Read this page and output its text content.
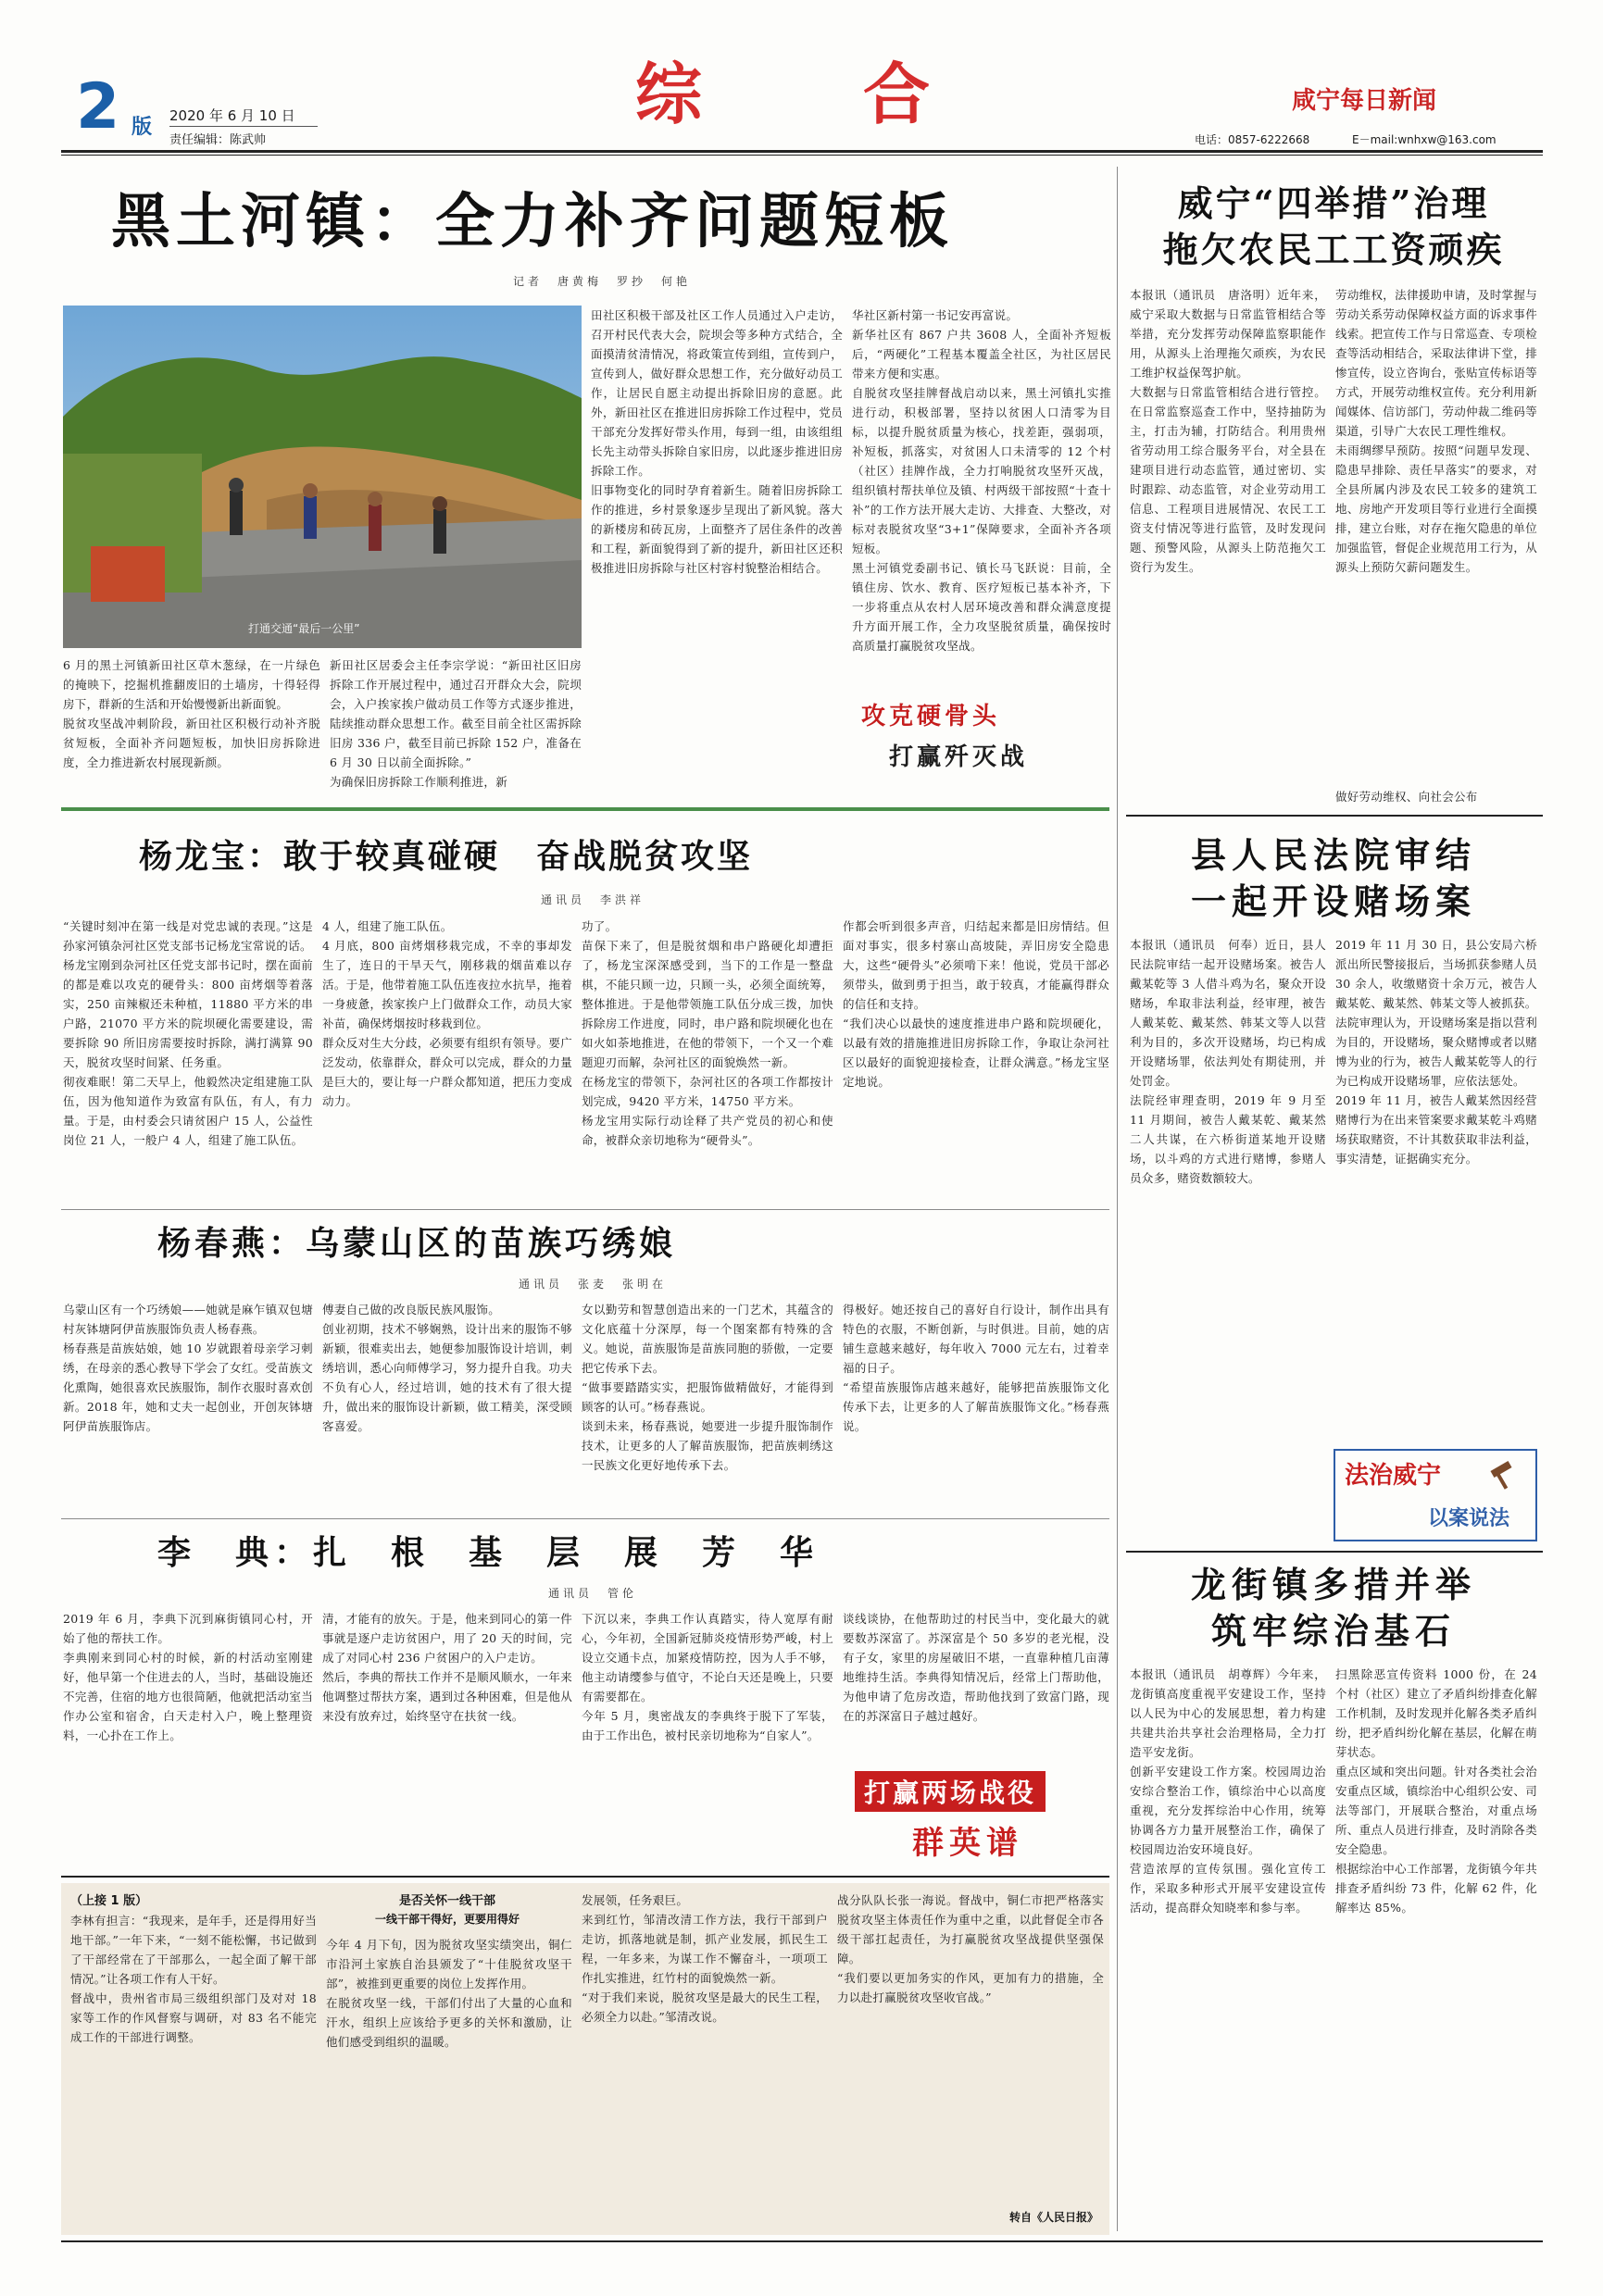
2 版 2020 年 6 月 10 日
责任编辑：陈武帅
综　　合	咸宁每日新闻
电话：0857-6222668	E－mail:wnhxw@163.com
黑土河镇：全力补齐问题短板
记者　唐黄梅　罗抄　何艳
打通交通“最后一公里”
6 月的黑土河镇新田社区草木葱绿，在一片绿色的掩映下，挖掘机推翻废旧的土墙房，十得轻得房下，群新的生活和开始慢慢新出新面貌。
脱贫攻坚战冲刺阶段，新田社区积极行动补齐脱贫短板，全面补齐问题短板，加快旧房拆除进度，全力推进新农村展现新颜。
新田社区居委会主任李宗学说：“新田社区旧房拆除工作开展过程中，通过召开群众大会，院坝会，入户挨家挨户做动员工作等方式逐步推进，陆续推动群众思想工作。截至目前全社区需拆除旧房 336 户，截至目前已拆除 152 户，准备在 6 月 30 日以前全面拆除。”
为确保旧房拆除工作顺利推进，新
田社区积极干部及社区工作人员通过入户走访，召开村民代表大会，院坝会等多种方式结合，全面摸清贫清情况，将政策宣传到组，宣传到户，宣传到人，做好群众思想工作，充分做好动员工作，让居民自愿主动提出拆除旧房的意愿。此外，新田社区在推进旧房拆除工作过程中，党员干部充分发挥好带头作用，每到一组，由该组组长先主动带头拆除自家旧房，以此逐步推进旧房拆除工作。
旧事物变化的同时孕育着新生。随着旧房拆除工作的推进，乡村景象逐步呈现出了新风貌。落大的新楼房和砖瓦房，上面整齐了居住条件的改善和工程，新面貌得到了新的提升，新田社区还积极推进旧房拆除与社区村容村貌整治相结合。
华社区新村第一书记安再富说。
新华社区有 867 户共 3608 人，全面补齐短板后，“两硬化”工程基本覆盖全社区，为社区居民带来方便和实惠。
自脱贫攻坚挂牌督战启动以来，黑土河镇扎实推进行动，积极部署，坚持以贫困人口清零为目标，以提升脱贫质量为核心，找差距，强弱项，补短板，抓落实，对贫困人口未清零的 12 个村（社区）挂牌作战，全力打响脱贫攻坚歼灭战，组织镇村帮扶单位及镇、村两级干部按照“十查十补”的工作方法开展大走访、大排查、大整改，对标对表脱贫攻坚“3+1”保障要求，全面补齐各项短板。
黑土河镇党委副书记、镇长马飞跃说：目前，全镇住房、饮水、教育、医疗短板已基本补齐，下一步将重点从农村人居环境改善和群众满意度提升方面开展工作，全力攻坚脱贫质量，确保按时高质量打赢脱贫攻坚战。
攻克硬骨头
打赢歼灭战
威宁“四举措”治理
拖欠农民工工资顽疾
本报讯（通讯员　唐洛明）近年来，威宁采取大数据与日常监管相结合等举措，充分发挥劳动保障监察职能作用，从源头上治理拖欠顽疾，为农民工维护权益保驾护航。
大数据与日常监管相结合进行管控。在日常监察巡查工作中，坚持抽防为主，打击为辅，打防结合。利用贵州省劳动用工综合服务平台，对全县在建项目进行动态监管，通过密切、实时跟踪、动态监管，对企业劳动用工信息、工程项目进展情况、农民工工资支付情况等进行监管，及时发现问题、预警风险，从源头上防范拖欠工资行为发生。
劳动维权，法律援助申请，及时掌握与劳动关系劳动保障权益方面的诉求事件线索。把宣传工作与日常巡查、专项检查等活动相结合，采取法律讲下堂，排惨宣传，设立咨询台，张贴宣传标语等方式，开展劳动维权宣传。充分利用新闻媒体、信访部门，劳动仲裁二维码等渠道，引导广大农民工理性维权。
未雨绸缪早预防。按照“问题早发现、隐患早排除、责任早落实”的要求，对全县所属内涉及农民工较多的建筑工地、房地产开发项目等行业进行全面摸排，建立台账，对存在拖欠隐患的单位加强监管，督促企业规范用工行为，从源头上预防欠薪问题发生。
做好劳动维权、向社会公布
杨龙宝：敢于较真碰硬　奋战脱贫攻坚
通讯员　李洪祥
“关键时刻冲在第一线是对党忠诚的表现。”这是孙家河镇杂河社区党支部书记杨龙宝常说的话。
杨龙宝刚到杂河社区任党支部书记时，摆在面前的都是难以攻克的硬骨头：800 亩烤烟等着落实，250 亩辣椒还未种植，11880 平方米的串户路，21070 平方米的院坝硬化需要建设，需要拆除 90 所旧房需要按时拆除，满打满算 90 天，脱贫攻坚时间紧、任务重。
彻夜难眠！第二天早上，他毅然决定组建施工队伍，因为他知道作为致富有队伍，有人，有力量。于是，由村委会只请贫困户 15 人，公益性岗位 21 人，一般户 4 人，组建了施工队伍。
4 人，组建了施工队伍。
4 月底，800 亩烤烟移栽完成，不幸的事却发生了，连日的干旱天气，刚移栽的烟苗难以存活。于是，他带着施工队伍连夜拉水抗旱，拖着一身疲惫，挨家挨户上门做群众工作，动员大家补苗，确保烤烟按时移栽到位。
群众反对生大分歧，必须要有组织有领导。要广泛发动，依靠群众，群众可以完成，群众的力量是巨大的，要让每一户群众都知道，把压力变成动力。
功了。
苗保下来了，但是脱贫烟和串户路硬化却遭拒了，杨龙宝深深感受到，当下的工作是一整盘棋，不能只顾一边，只顾一头，必须全面统筹，整体推进。于是他带领施工队伍分成三拨，加快拆除房工作进度，同时，串户路和院坝硬化也在如火如荼地推进，在他的带领下，一个又一个难题迎刃而解，杂河社区的面貌焕然一新。
在杨龙宝的带领下，杂河社区的各项工作都按计划完成，9420 平方米，14750 平方米。
杨龙宝用实际行动诠释了共产党员的初心和使命，被群众亲切地称为“硬骨头”。
作都会听到很多声音，归结起来都是旧房情结。但面对事实，很多村寨山高坡陡，弄旧房安全隐患大，这些“硬骨头”必须啃下来！他说，党员干部必须带头，做到勇于担当，敢于较真，才能赢得群众的信任和支持。
“我们决心以最快的速度推进串户路和院坝硬化，以最有效的措施推进旧房拆除工作，争取让杂河社区以最好的面貌迎接检查，让群众满意。”杨龙宝坚定地说。
杨春燕：乌蒙山区的苗族巧绣娘
通讯员　张麦　张明在
乌蒙山区有一个巧绣娘——她就是麻乍镇双包塘村灰钵塘阿伊苗族服饰负责人杨春燕。
杨春燕是苗族姑娘，她 10 岁就跟着母亲学习刺绣，在母亲的悉心教导下学会了女红。受苗族文化熏陶，她很喜欢民族服饰，制作衣服时喜欢创新。2018 年，她和丈夫一起创业，开创灰钵塘阿伊苗族服饰店。
傅妻自己做的改良版民族风服饰。
创业初期，技术不够娴熟，设计出来的服饰不够新颖，很难卖出去，她便参加服饰设计培训，刺绣培训，悉心向师傅学习，努力提升自我。功夫不负有心人，经过培训，她的技术有了很大提升，做出来的服饰设计新颖，做工精美，深受顾客喜爱。
女以勤劳和智慧创造出来的一门艺术，其蕴含的文化底蕴十分深厚，每一个图案都有特殊的含义。她说，苗族服饰是苗族同胞的骄傲，一定要把它传承下去。
“做事要踏踏实实，把服饰做精做好，才能得到顾客的认可。”杨春燕说。
谈到未来，杨春燕说，她要进一步提升服饰制作技术，让更多的人了解苗族服饰，把苗族刺绣这一民族文化更好地传承下去。
得极好。她还按自己的喜好自行设计，制作出具有特色的衣服，不断创新，与时俱进。目前，她的店铺生意越来越好，每年收入 7000 元左右，过着幸福的日子。
“希望苗族服饰店越来越好，能够把苗族服饰文化传承下去，让更多的人了解苗族服饰文化。”杨春燕说。
李　典：扎　根　基　层　展　芳　华
通讯员　管伦
2019 年 6 月，李典下沉到麻街镇同心村，开始了他的帮扶工作。
李典刚来到同心村的时候，新的村活动室刚建好，他早第一个住进去的人，当时，基础设施还不完善，住宿的地方也很简陋，他就把活动室当作办公室和宿舍，白天走村入户，晚上整理资料，一心扑在工作上。
清，才能有的放矢。于是，他来到同心的第一件事就是逐户走访贫困户，用了 20 天的时间，完成了对同心村 236 户贫困户的入户走访。
然后，李典的帮扶工作并不是顺风顺水，一年来他调整过帮扶方案，遇到过各种困难，但是他从来没有放弃过，始终坚守在扶贫一线。
下沉以来，李典工作认真踏实，待人宽厚有耐心，今年初，全国新冠肺炎疫情形势严峻，村上设立交通卡点，加紧疫情防控，因为人手不够，他主动请缨参与值守，不论白天还是晚上，只要有需要都在。
今年 5 月，奥密战友的李典终于脱下了军装，由于工作出色，被村民亲切地称为“自家人”。
谈线谈协，在他帮助过的村民当中，变化最大的就要数苏深富了。苏深富是个 50 多岁的老光棍，没有子女，家里的房屋破旧不堪，一直靠种植几亩薄地维持生活。李典得知情况后，经常上门帮助他，为他申请了危房改造，帮助他找到了致富门路，现在的苏深富日子越过越好。
打赢两场战役
群英谱
县人民法院审结
一起开设赌场案
本报讯（通讯员　何奉）近日，县人民法院审结一起开设赌场案。被告人戴某乾等 3 人借斗鸡为名，聚众开设赌场，牟取非法利益，经审理，被告人戴某乾、戴某然、韩某文等人以营利为目的，多次开设赌场，均已构成开设赌场罪，依法判处有期徒刑，并处罚金。
法院经审理查明，2019 年 9 月至 11 月期间，被告人戴某乾、戴某然二人共谋，在六桥街道某地开设赌场，以斗鸡的方式进行赌博，参赌人员众多，赌资数额较大。
2019 年 11 月 30 日，县公安局六桥派出所民警接报后，当场抓获参赌人员 30 余人，收缴赌资十余万元，被告人戴某乾、戴某然、韩某文等人被抓获。
法院审理认为，开设赌场案是指以营利为目的，开设赌场，聚众赌博或者以赌博为业的行为，被告人戴某乾等人的行为已构成开设赌场罪，应依法惩处。
2019 年 11 月，被告人戴某然因经营赌博行为在出来管案要求戴某乾斗鸡赌场获取赌资，不计其数获取非法利益，事实清楚，证据确实充分。
法治威宁
以案说法
龙街镇多措并举
筑牢综治基石
本报讯（通讯员　胡尊辉）今年来，龙街镇高度重视平安建设工作，坚持以人民为中心的发展思想，着力构建共建共治共享社会治理格局，全力打造平安龙街。
创新平安建设工作方案。校园周边治安综合整治工作，镇综治中心以高度重视，充分发挥综治中心作用，统筹协调各方力量开展整治工作，确保了校园周边治安环境良好。
营造浓厚的宣传氛围。强化宣传工作，采取多种形式开展平安建设宣传活动，提高群众知晓率和参与率。
扫黑除恶宣传资料 1000 份，在 24 个村（社区）建立了矛盾纠纷排查化解工作机制，及时发现并化解各类矛盾纠纷，把矛盾纠纷化解在基层，化解在萌芽状态。
重点区域和突出问题。针对各类社会治安重点区域，镇综治中心组织公安、司法等部门，开展联合整治，对重点场所、重点人员进行排查，及时消除各类安全隐患。
根据综治中心工作部署，龙街镇今年共排查矛盾纠纷 73 件，化解 62 件，化解率达 85%。
（上接 1 版）
李林有担言：“我现来，是年手，还是得用好当地干部。”一年下来，“一刻不能松懈，书记做到了干部经常在了干部那么，一起全面了解干部情况。”让各项工作有人干好。
督战中，贵州省市局三级组织部门及对对 18 家等工作的作风督察与调研，对 83 名不能完成工作的干部进行调整。
是否关怀一线干部
一线干部干得好，更要用得好
今年 4 月下旬，因为脱贫攻坚实绩突出，铜仁市沿河土家族自治县颁发了“十佳脱贫攻坚干部”，被推到更重要的岗位上发挥作用。
在脱贫攻坚一线，干部们付出了大量的心血和汗水，组织上应该给予更多的关怀和激励，让他们感受到组织的温暖。
发展领，任务艰巨。
来到红竹，邹清改清工作方法，我行干部到户走访，抓落地就是制，抓产业发展，抓民生工程，一年多来，为谋工作不懈奋斗，一项项工作扎实推进，红竹村的面貌焕然一新。
“对于我们来说，脱贫攻坚是最大的民生工程，必须全力以赴。”邹清改说。
战分队队长张一海说。督战中，铜仁市把严格落实脱贫攻坚主体责任作为重中之重，以此督促全市各级干部扛起责任，为打赢脱贫攻坚战提供坚强保障。
“我们要以更加务实的作风，更加有力的措施，全力以赴打赢脱贫攻坚收官战。”
转自《人民日报》
